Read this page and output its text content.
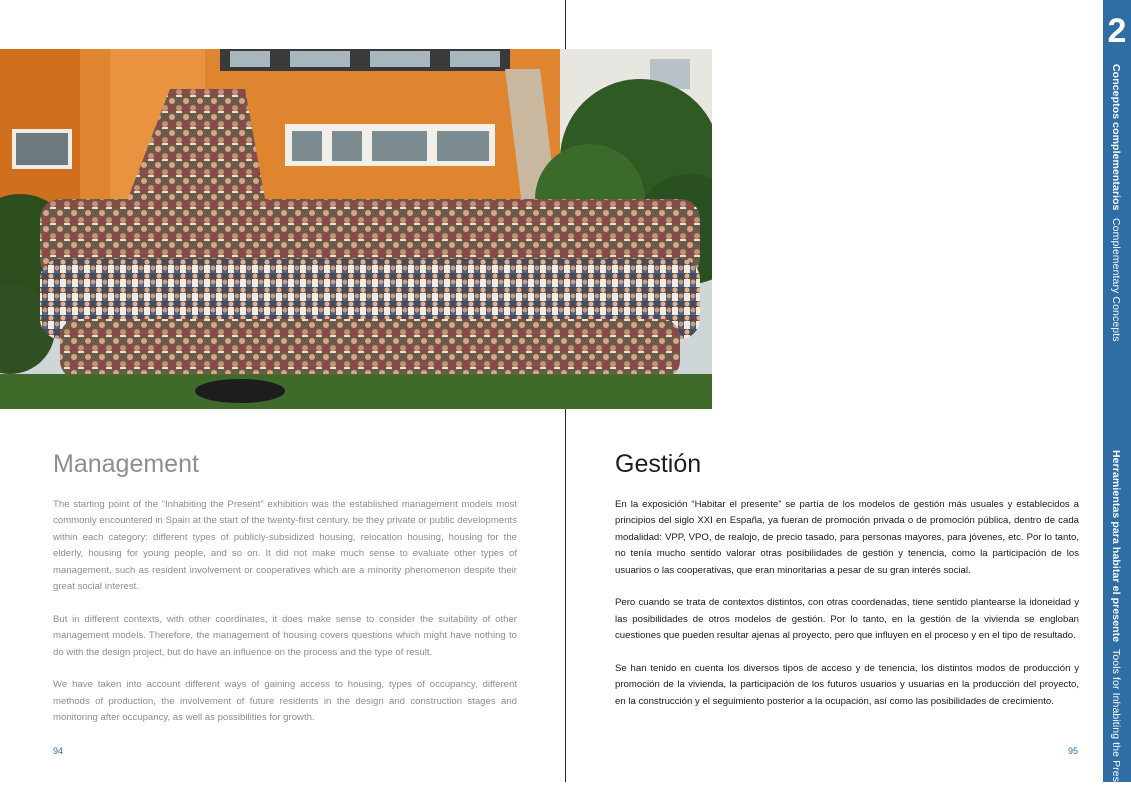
2
Conceptos complementarios Complementary Concepts
Herramientas para habitar el presente Tools for Inhabiting the Present
Management	Gestión

The starting point of the “Inhabiting the Present” exhibition was the established management models most commonly encountered in Spain at the start of the twenty-first century, be they private or public developments within each category: different types of publicly-subsidized housing, relocation housing, housing for the elderly, housing for young people, and so on. It did not make much sense to evaluate other types of management, such as resident involvement or cooperatives which are a minority phenomenon despite their great social interest.

But in different contexts, with other coordinates, it does make sense to consider the suitability of other management models. Therefore, the management of housing covers questions which might have nothing to do with the design project, but do have an influence on the process and the type of result.

We have taken into account different ways of gaining access to housing, types of occupancy, different methods of production, the involvement of future residents in the design and construction stages and monitoring after occupancy, as well as possibilities for growth.

En la exposición “Habitar el presente” se partía de los modelos de gestión más usuales y establecidos a principios del siglo XXI en España, ya fueran de promoción privada o de promoción pública, dentro de cada modalidad: VPP, VPO, de realojo, de precio tasado, para personas mayores, para jóvenes, etc. Por lo tanto, no tenía mucho sentido valorar otras posibilidades de gestión y tenencia, como la participación de los usuarios o las cooperativas, que eran minoritarias a pesar de su gran interés social.

Pero cuando se trata de contextos distintos, con otras coordenadas, tiene sentido plantearse la idoneidad y las posibilidades de otros modelos de gestión. Por lo tanto, en la gestión de la vivienda se engloban cuestiones que pueden resultar ajenas al proyecto, pero que influyen en el proceso y en el tipo de resultado.

Se han tenido en cuenta los diversos tipos de acceso y de tenencia, los distintos modos de producción y promoción de la vivienda, la participación de los futuros usuarios y usuarias en la producción del proyecto, en la construcción y el seguimiento posterior a la ocupación, así como las posibilidades de crecimiento.

94	95
